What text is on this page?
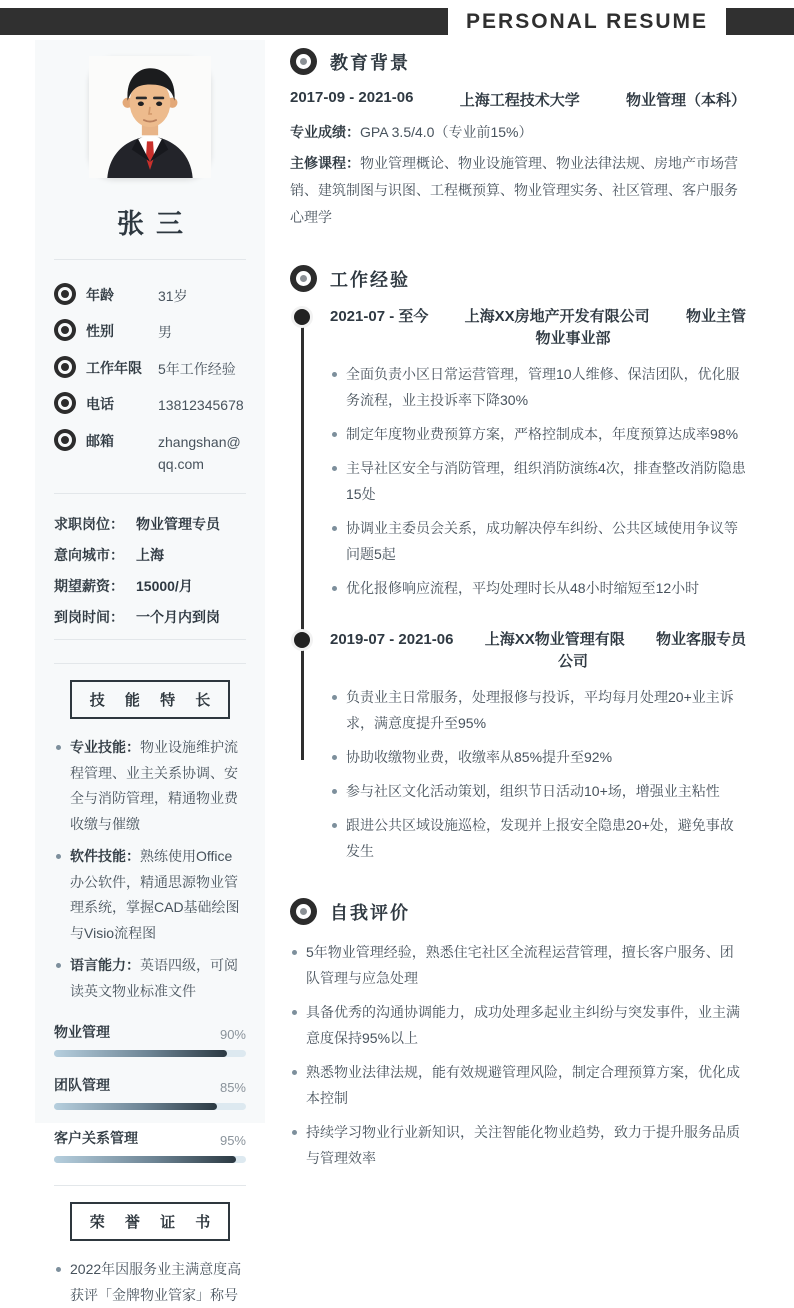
PERSONAL RESUME
张三
年龄	31岁
性别	男
工作年限	5年工作经验
电话	13812345678
邮箱	zhangshan@qq.com
求职岗位： 物业管理专员
意向城市： 上海
期望薪资： 15000/月
到岗时间： 一个月内到岗
技 能 特 长
专业技能：物业设施维护流程管理、业主关系协调、安全与消防管理，精通物业费收缴与催缴
软件技能：熟练使用Office办公软件，精通思源物业管理系统，掌握CAD基础绘图与Visio流程图
语言能力：英语四级，可阅读英文物业标准文件
物业管理	90%
团队管理	85%
客户关系管理	95%
荣 誉 证 书
2022年因服务业主满意度高获评「金牌物业管家」称号
教育背景
2017-09 - 2021-06	上海工程技术大学	物业管理（本科）

专业成绩：GPA 3.5/4.0（专业前15%）

主修课程：物业管理概论、物业设施管理、物业法律法规、房地产市场营销、建筑制图与识图、工程概预算、物业管理实务、社区管理、客户服务心理学

工作经验
2021-07 - 至今	上海XX房地产开发有限公司	物业主管
物业事业部
全面负责小区日常运营管理，管理10人维修、保洁团队，优化服务流程，业主投诉率下降30%
制定年度物业费预算方案，严格控制成本，年度预算达成率98%
主导社区安全与消防管理，组织消防演练4次，排查整改消防隐患15处
协调业主委员会关系，成功解决停车纠纷、公共区域使用争议等问题5起
优化报修响应流程，平均处理时长从48小时缩短至12小时
2019-07 - 2021-06	上海XX物业管理有限	物业客服专员
公司
负责业主日常服务，处理报修与投诉，平均每月处理20+业主诉求，满意度提升至95%
协助收缴物业费，收缴率从85%提升至92%
参与社区文化活动策划，组织节日活动10+场，增强业主粘性
跟进公共区域设施巡检，发现并上报安全隐患20+处，避免事故发生
自我评价
5年物业管理经验，熟悉住宅社区全流程运营管理，擅长客户服务、团队管理与应急处理
具备优秀的沟通协调能力，成功处理多起业主纠纷与突发事件，业主满意度保持95%以上
熟悉物业法律法规，能有效规避管理风险，制定合理预算方案，优化成本控制
持续学习物业行业新知识，关注智能化物业趋势，致力于提升服务品质与管理效率
